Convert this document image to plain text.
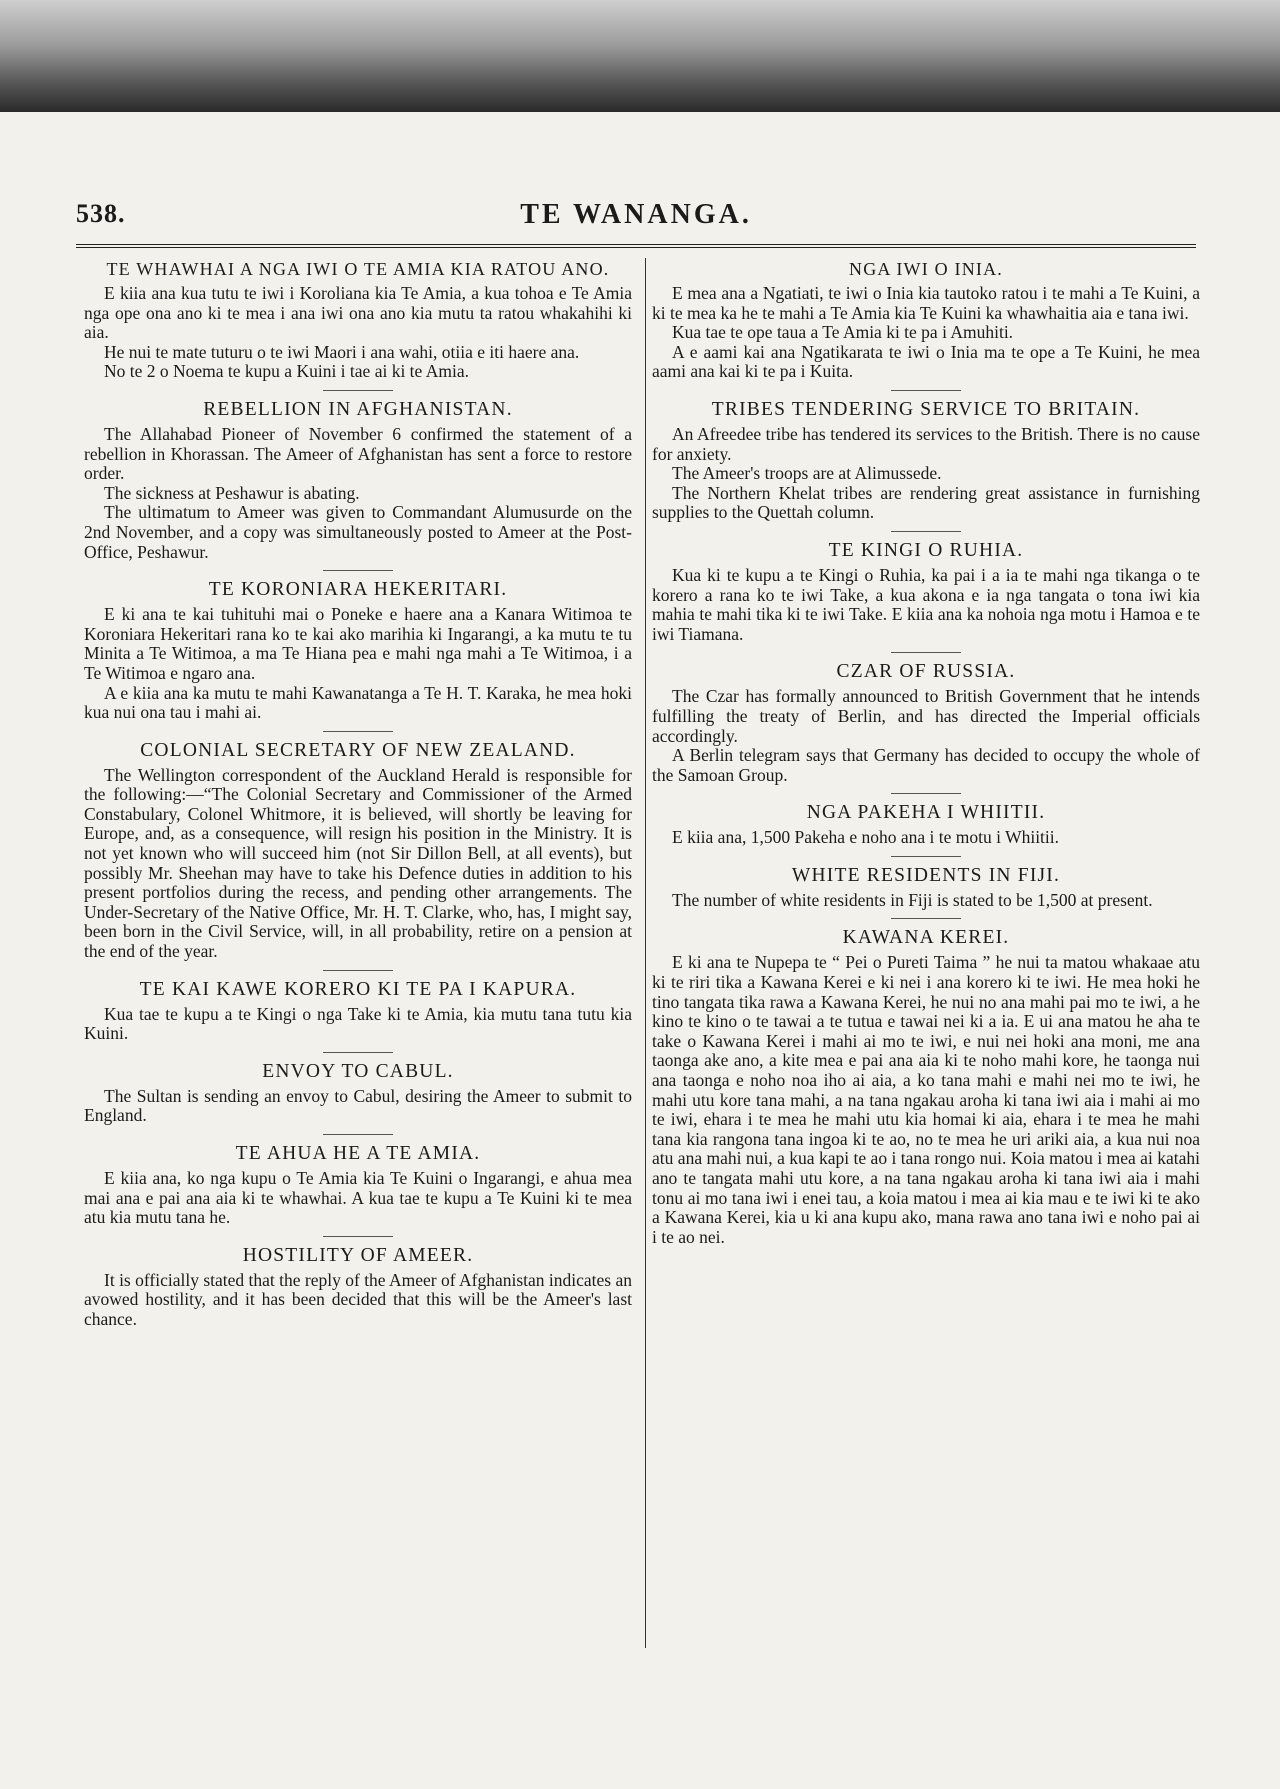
538.	TE WANANGA.
TE WHAWHAI A NGA IWI O TE AMIA KIA RATOU ANO.

E kiia ana kua tutu te iwi i Koroliana kia Te Amia, a kua tohoa e Te Amia nga ope ona ano ki te mea i ana iwi ona ano kia mutu ta ratou whakahihi ki aia.

He nui te mate tuturu o te iwi Maori i ana wahi, otiia e iti haere ana.

No te 2 o Noema te kupu a Kuini i tae ai ki te Amia.

REBELLION IN AFGHANISTAN.

The Allahabad Pioneer of November 6 confirmed the statement of a rebellion in Khorassan. The Ameer of Afghanistan has sent a force to restore order.

The sickness at Peshawur is abating.

The ultimatum to Ameer was given to Commandant Alumusurde on the 2nd November, and a copy was simultaneously posted to Ameer at the Post-Office, Peshawur.

TE KORONIARA HEKERITARI.

E ki ana te kai tuhituhi mai o Poneke e haere ana a Kanara Witimoa te Koroniara Hekeritari rana ko te kai ako marihia ki Ingarangi, a ka mutu te tu Minita a Te Witimoa, a ma Te Hiana pea e mahi nga mahi a Te Witimoa, i a Te Witimoa e ngaro ana.

A e kiia ana ka mutu te mahi Kawanatanga a Te H. T. Karaka, he mea hoki kua nui ona tau i mahi ai.

COLONIAL SECRETARY OF NEW ZEALAND.

The Wellington correspondent of the Auckland Herald is responsible for the following:—“The Colonial Secretary and Commissioner of the Armed Constabulary, Colonel Whitmore, it is believed, will shortly be leaving for Europe, and, as a consequence, will resign his position in the Ministry. It is not yet known who will succeed him (not Sir Dillon Bell, at all events), but possibly Mr. Sheehan may have to take his Defence duties in addition to his present portfolios during the recess, and pending other arrangements. The Under-Secretary of the Native Office, Mr. H. T. Clarke, who, has, I might say, been born in the Civil Service, will, in all probability, retire on a pension at the end of the year.

TE KAI KAWE KORERO KI TE PA I KAPURA.

Kua tae te kupu a te Kingi o nga Take ki te Amia, kia mutu tana tutu kia Kuini.

ENVOY TO CABUL.

The Sultan is sending an envoy to Cabul, desiring the Ameer to submit to England.

TE AHUA HE A TE AMIA.

E kiia ana, ko nga kupu o Te Amia kia Te Kuini o Ingarangi, e ahua mea mai ana e pai ana aia ki te whawhai. A kua tae te kupu a Te Kuini ki te mea atu kia mutu tana he.

HOSTILITY OF AMEER.

It is officially stated that the reply of the Ameer of Afghanistan indicates an avowed hostility, and it has been decided that this will be the Ameer's last chance.

NGA IWI O INIA.

E mea ana a Ngatiati, te iwi o Inia kia tautoko ratou i te mahi a Te Kuini, a ki te mea ka he te mahi a Te Amia kia Te Kuini ka whawhaitia aia e tana iwi.

Kua tae te ope taua a Te Amia ki te pa i Amuhiti.

A e aami kai ana Ngatikarata te iwi o Inia ma te ope a Te Kuini, he mea aami ana kai ki te pa i Kuita.

TRIBES TENDERING SERVICE TO BRITAIN.

An Afreedee tribe has tendered its services to the British. There is no cause for anxiety.

The Ameer's troops are at Alimussede.

The Northern Khelat tribes are rendering great assistance in furnishing supplies to the Quettah column.

TE KINGI O RUHIA.

Kua ki te kupu a te Kingi o Ruhia, ka pai i a ia te mahi nga tikanga o te korero a rana ko te iwi Take, a kua akona e ia nga tangata o tona iwi kia mahia te mahi tika ki te iwi Take. E kiia ana ka nohoia nga motu i Hamoa e te iwi Tiamana.

CZAR OF RUSSIA.

The Czar has formally announced to British Government that he intends fulfilling the treaty of Berlin, and has directed the Imperial officials accordingly.

A Berlin telegram says that Germany has decided to occupy the whole of the Samoan Group.

NGA PAKEHA I WHIITII.

E kiia ana, 1,500 Pakeha e noho ana i te motu i Whiitii.

WHITE RESIDENTS IN FIJI.

The number of white residents in Fiji is stated to be 1,500 at present.

KAWANA KEREI.

E ki ana te Nupepa te “ Pei o Pureti Taima ” he nui ta matou whakaae atu ki te riri tika a Kawana Kerei e ki nei i ana korero ki te iwi. He mea hoki he tino tangata tika rawa a Kawana Kerei, he nui no ana mahi pai mo te iwi, a he kino te kino o te tawai a te tutua e tawai nei ki a ia. E ui ana matou he aha te take o Kawana Kerei i mahi ai mo te iwi, e nui nei hoki ana moni, me ana taonga ake ano, a kite mea e pai ana aia ki te noho mahi kore, he taonga nui ana taonga e noho noa iho ai aia, a ko tana mahi e mahi nei mo te iwi, he mahi utu kore tana mahi, a na tana ngakau aroha ki tana iwi aia i mahi ai mo te iwi, ehara i te mea he mahi utu kia homai ki aia, ehara i te mea he mahi tana kia rangona tana ingoa ki te ao, no te mea he uri ariki aia, a kua nui noa atu ana mahi nui, a kua kapi te ao i tana rongo nui. Koia matou i mea ai katahi ano te tangata mahi utu kore, a na tana ngakau aroha ki tana iwi aia i mahi tonu ai mo tana iwi i enei tau, a koia matou i mea ai kia mau e te iwi ki te ako a Kawana Kerei, kia u ki ana kupu ako, mana rawa ano tana iwi e noho pai ai i te ao nei.
